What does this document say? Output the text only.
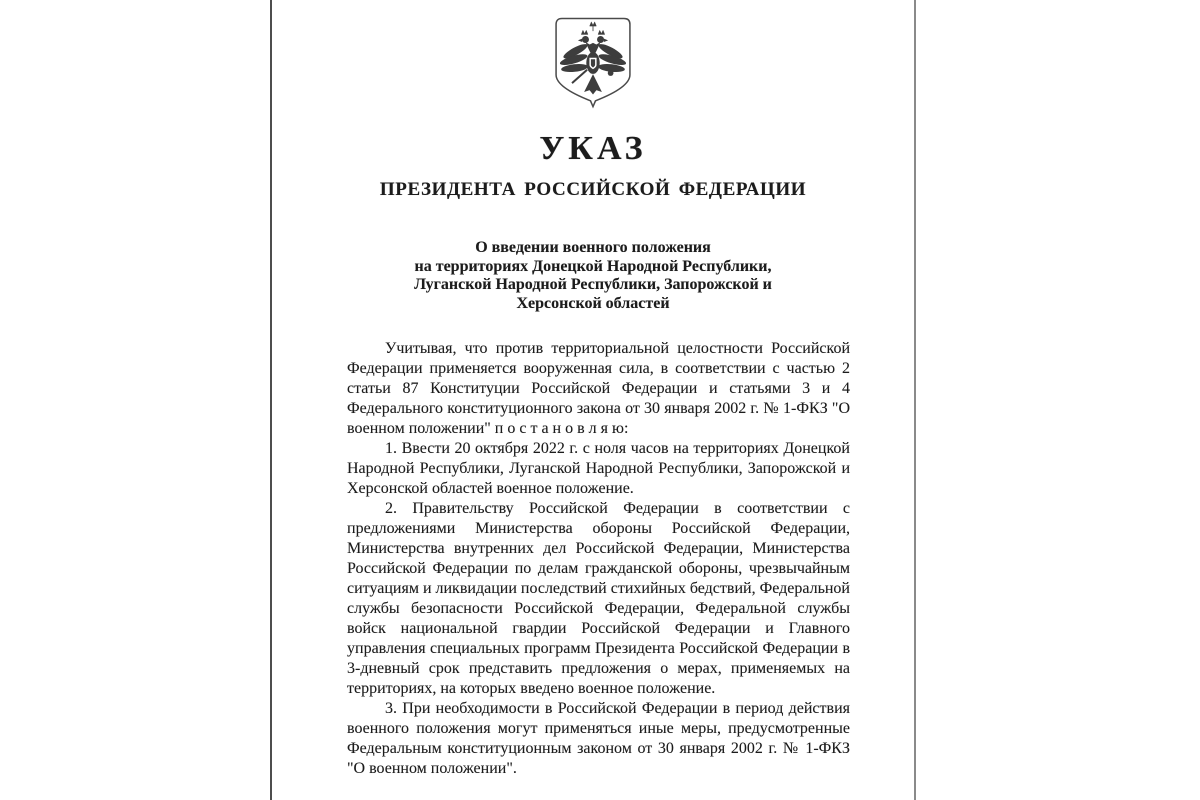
УКАЗ
ПРЕЗИДЕНТА РОССИЙСКОЙ ФЕДЕРАЦИИ
О введении военного положения
на территориях Донецкой Народной Республики,
Луганской Народной Республики, Запорожской и
Херсонской областей

Учитывая, что против территориальной целостности Российской Федерации применяется вооруженная сила, в соответствии с частью 2 статьи 87 Конституции Российской Федерации и статьями 3 и 4 Федерального конституционного закона от 30 января 2002 г. № 1-ФКЗ "О военном положении" п о с т а н о в л я ю:

1. Ввести 20 октября 2022 г. с ноля часов на территориях Донецкой Народной Республики, Луганской Народной Республики, Запорожской и Херсонской областей военное положение.

2. Правительству Российской Федерации в соответствии с предложениями Министерства обороны Российской Федерации, Министерства внутренних дел Российской Федерации, Министерства Российской Федерации по делам гражданской обороны, чрезвычайным ситуациям и ликвидации последствий стихийных бедствий, Федеральной службы безопасности Российской Федерации, Федеральной службы войск национальной гвардии Российской Федерации и Главного управления специальных программ Президента Российской Федерации в 3-дневный срок представить предложения о мерах, применяемых на территориях, на которых введено военное положение.

3. При необходимости в Российской Федерации в период действия военного положения могут применяться иные меры, предусмотренные Федеральным конституционным законом от 30 января 2002 г. № 1-ФКЗ "О военном положении".
